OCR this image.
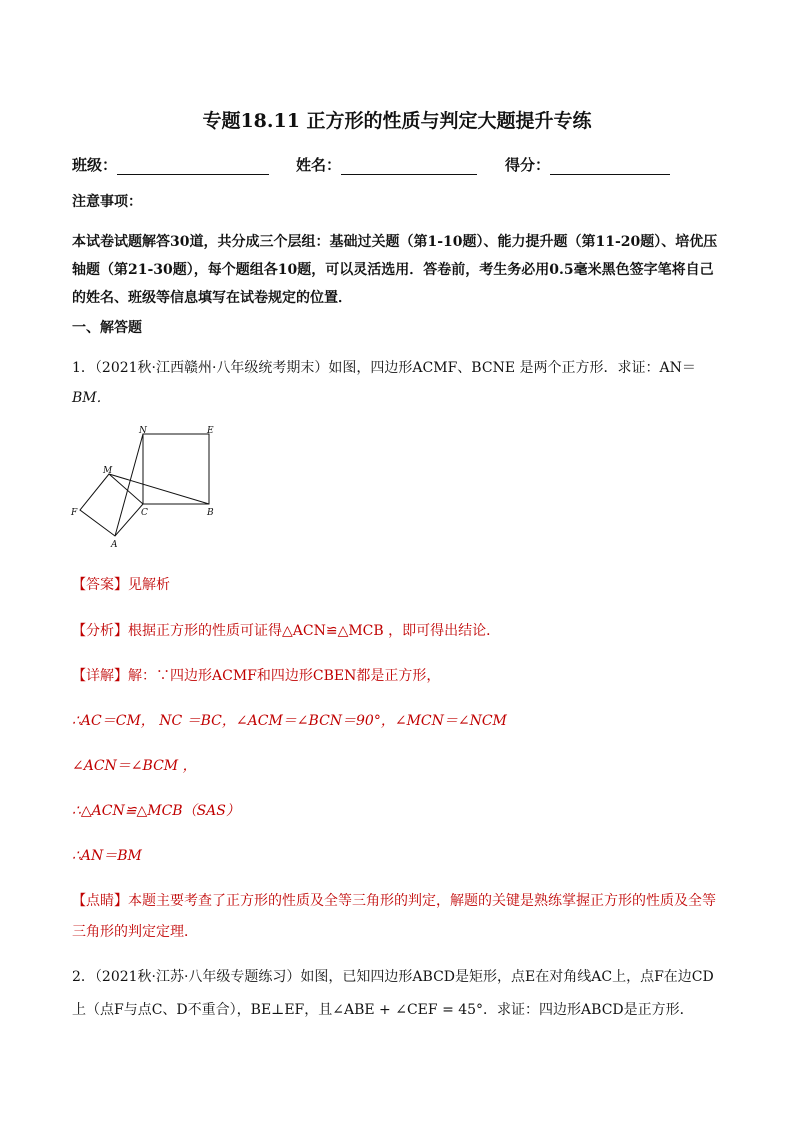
专题18.11 正方形的性质与判定大题提升专练
班级：	姓名：	得分：
注意事项：
本试卷试题解答30道，共分成三个层组：基础过关题（第1-10题）、能力提升题（第11-20题）、培优压轴题（第21-30题），每个题组各10题，可以灵活选用．答卷前，考生务必用0.5毫米黑色签字笔将自己的姓名、班级等信息填写在试卷规定的位置．
一、解答题
1．（2021秋·江西赣州·八年级统考期末）如图，四边形ACMF、BCNE 是两个正方形．求证：AN＝
BM．
N	E
M
F	C	B
A
【答案】见解析
【分析】根据正方形的性质可证得△ACN≌△MCB ，即可得出结论．
【详解】解：∵四边形ACMF和四边形CBEN都是正方形，
∴AC＝CM， NC ＝BC，∠ACM＝∠BCN＝90°，∠MCN＝∠NCM
∠ACN＝∠BCM ，
∴△ACN≌△MCB（SAS）
∴AN＝BM
【点睛】本题主要考查了正方形的性质及全等三角形的判定，解题的关键是熟练掌握正方形的性质及全等
三角形的判定定理．
2．（2021秋·江苏·八年级专题练习）如图，已知四边形ABCD是矩形，点E在对角线AC上，点F在边CD
上（点F与点C、D不重合），BE⊥EF，且∠ABE + ∠CEF = 45°．求证：四边形ABCD是正方形．
